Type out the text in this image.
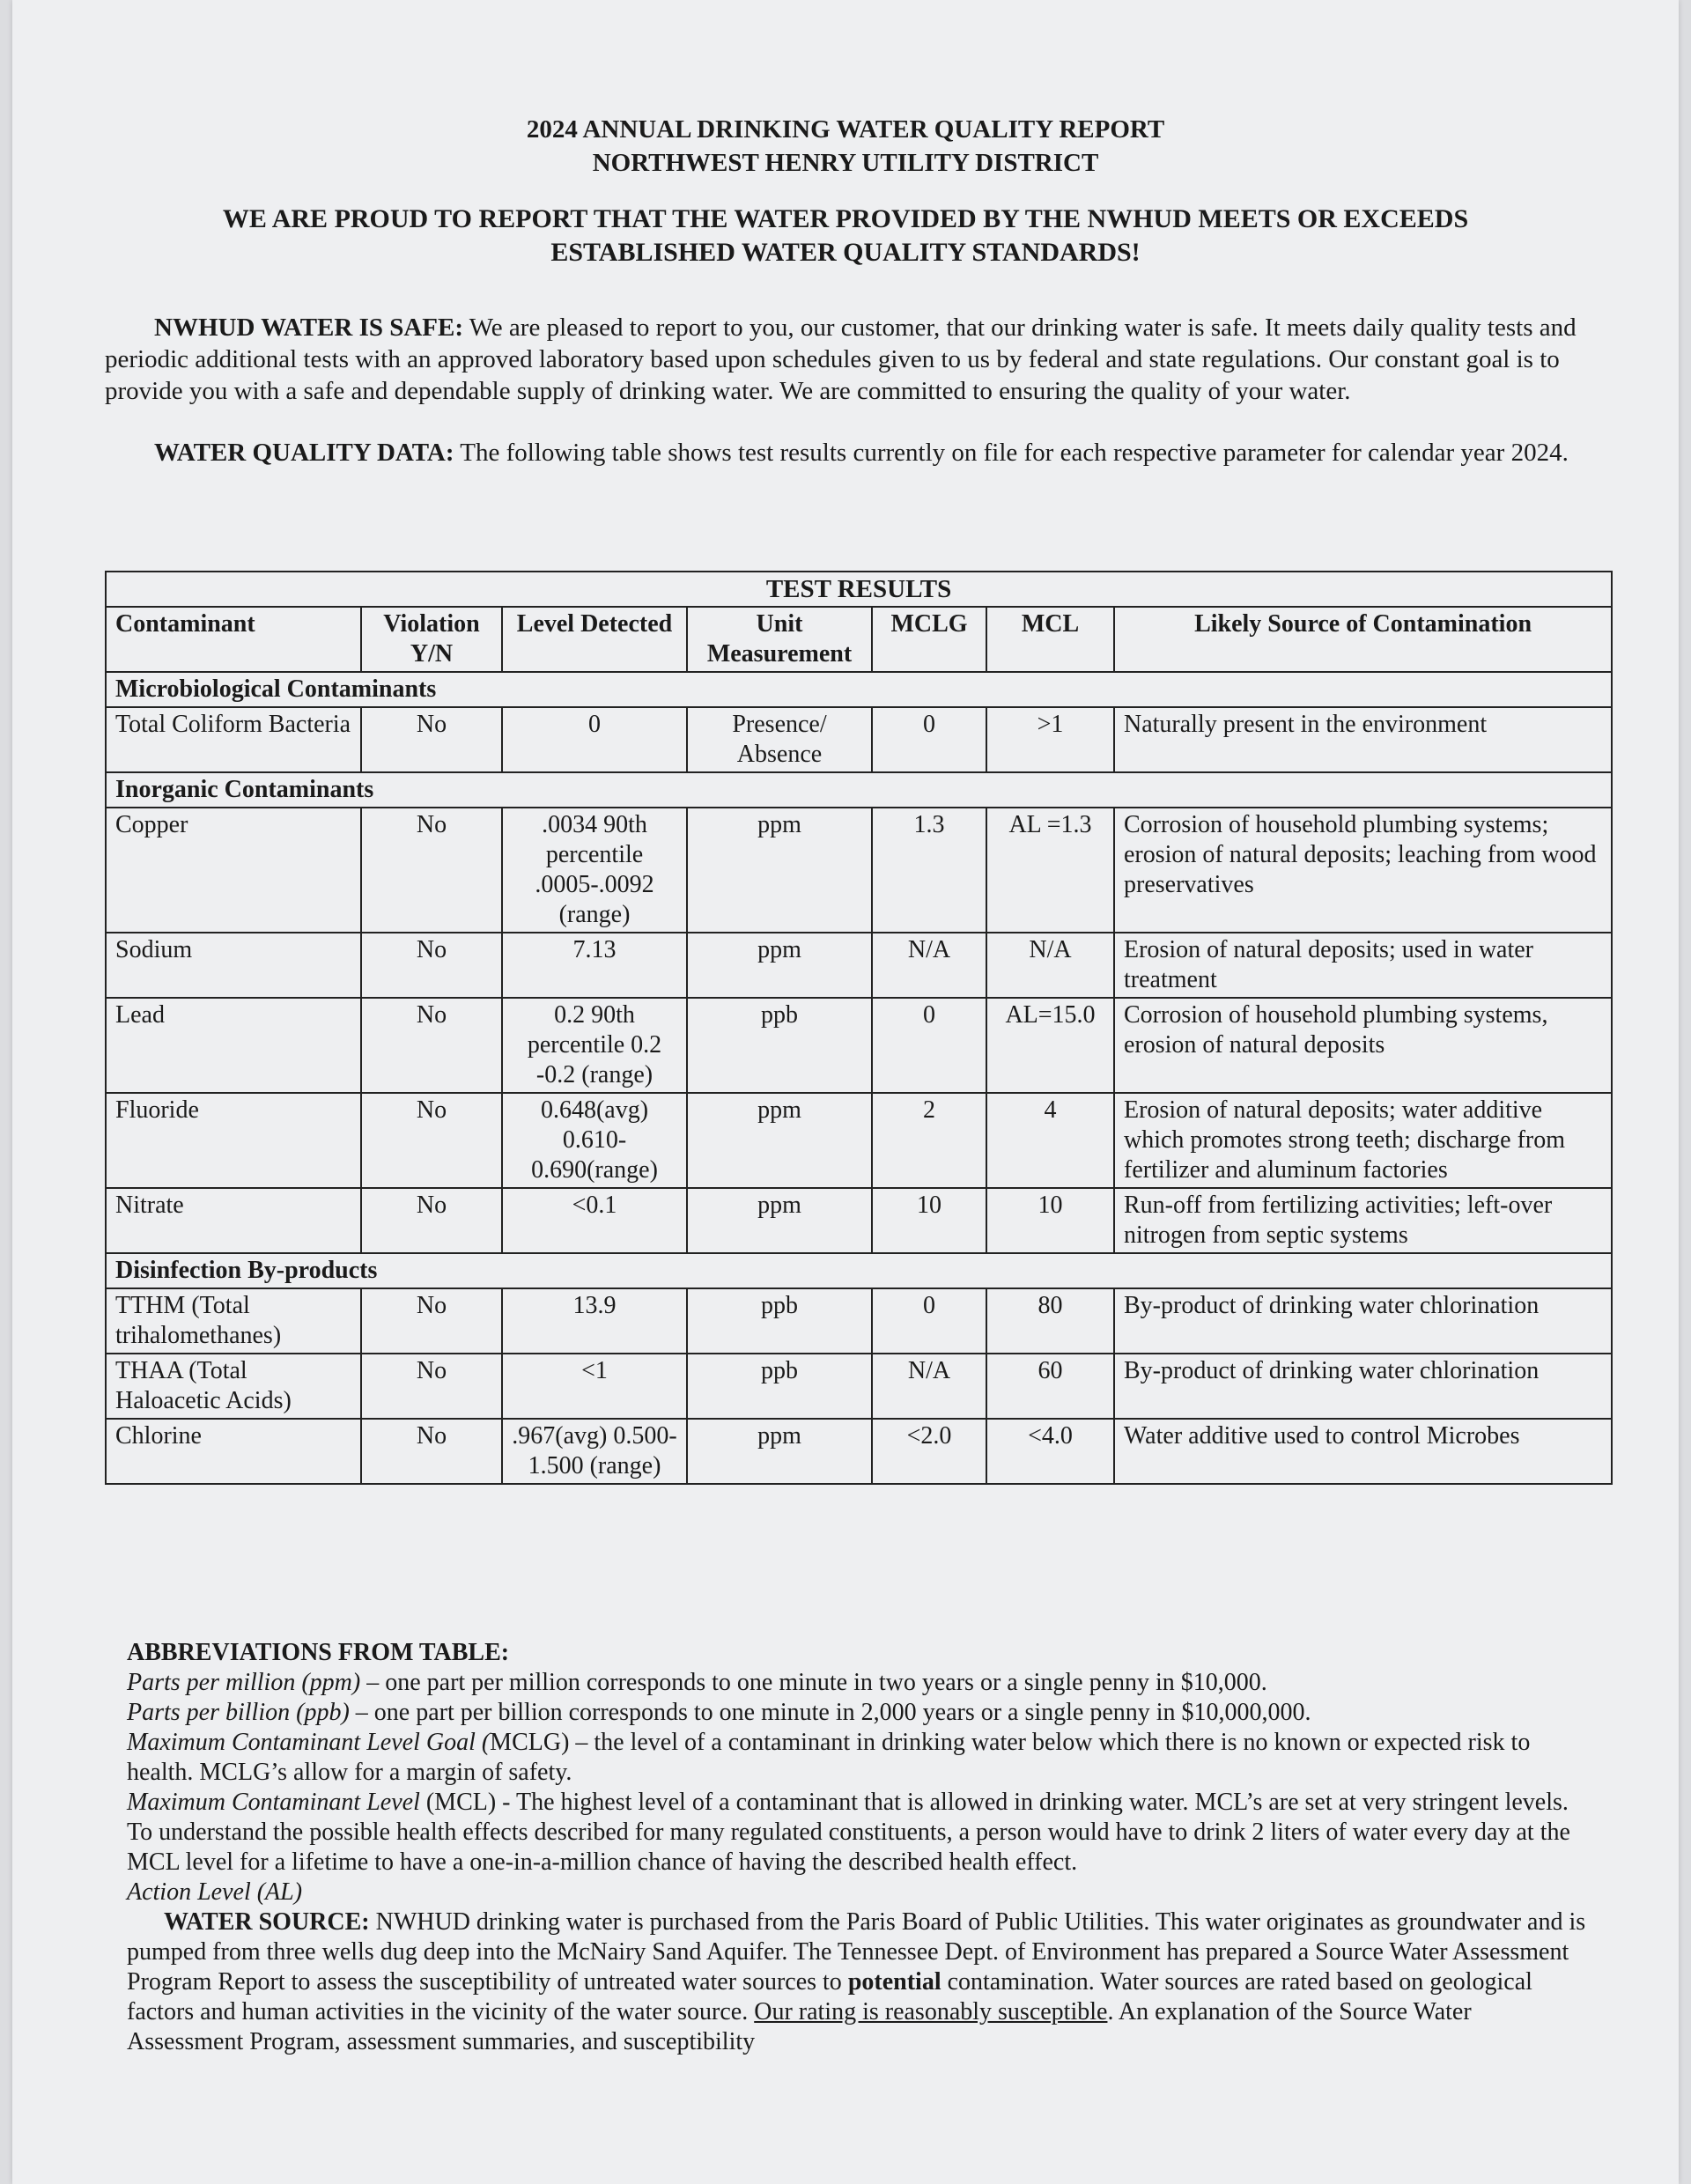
2024 ANNUAL DRINKING WATER QUALITY REPORT
NORTHWEST HENRY UTILITY DISTRICT
WE ARE PROUD TO REPORT THAT THE WATER PROVIDED BY THE NWHUD MEETS OR EXCEEDS ESTABLISHED WATER QUALITY STANDARDS!
NWHUD WATER IS SAFE: We are pleased to report to you, our customer, that our drinking water is safe. It meets daily quality tests and periodic additional tests with an approved laboratory based upon schedules given to us by federal and state regulations. Our constant goal is to provide you with a safe and dependable supply of drinking water. We are committed to ensuring the quality of your water.
WATER QUALITY DATA: The following table shows test results currently on file for each respective parameter for calendar year 2024.
TEST RESULTS						
Contaminant	Violation Y/N	Level Detected	Unit Measurement	MCLG	MCL	Likely Source of Contamination
Microbiological Contaminants						
Total Coliform Bacteria	No	0	Presence/ Absence	0	>1	Naturally present in the environment
Inorganic Contaminants						
Copper	No	.0034 90th percentile .0005-.0092 (range)	ppm	1.3	AL =1.3	Corrosion of household plumbing systems; erosion of natural deposits; leaching from wood preservatives
Sodium	No	7.13	ppm	N/A	N/A	Erosion of natural deposits; used in water treatment
Lead	No	0.2 90th percentile 0.2 -0.2 (range)	ppb	0	AL=15.0	Corrosion of household plumbing systems, erosion of natural deposits
Fluoride	No	0.648(avg) 0.610- 0.690(range)	ppm	2	4	Erosion of natural deposits; water additive which promotes strong teeth; discharge from fertilizer and aluminum factories
Nitrate	No	<0.1	ppm	10	10	Run-off from fertilizing activities; left-over nitrogen from septic systems
Disinfection By-products						
TTHM (Total trihalomethanes)	No	13.9	ppb	0	80	By-product of drinking water chlorination
THAA (Total Haloacetic Acids)	No	<1	ppb	N/A	60	By-product of drinking water chlorination
Chlorine	No	.967(avg) 0.500-1.500 (range)	ppm	<2.0	<4.0	Water additive used to control Microbes

ABBREVIATIONS FROM TABLE:

Parts per million (ppm) – one part per million corresponds to one minute in two years or a single penny in $10,000.

Parts per billion (ppb) – one part per billion corresponds to one minute in 2,000 years or a single penny in $10,000,000.

Maximum Contaminant Level Goal (MCLG) – the level of a contaminant in drinking water below which there is no known or expected risk to health. MCLG’s allow for a margin of safety.

Maximum Contaminant Level (MCL) - The highest level of a contaminant that is allowed in drinking water. MCL’s are set at very stringent levels. To understand the possible health effects described for many regulated constituents, a person would have to drink 2 liters of water every day at the MCL level for a lifetime to have a one-in-a-million chance of having the described health effect.

Action Level (AL)

WATER SOURCE: NWHUD drinking water is purchased from the Paris Board of Public Utilities. This water originates as groundwater and is pumped from three wells dug deep into the McNairy Sand Aquifer. The Tennessee Dept. of Environment has prepared a Source Water Assessment Program Report to assess the susceptibility of untreated water sources to potential contamination. Water sources are rated based on geological factors and human activities in the vicinity of the water source. Our rating is reasonably susceptible. An explanation of the Source Water Assessment Program, assessment summaries, and susceptibility
